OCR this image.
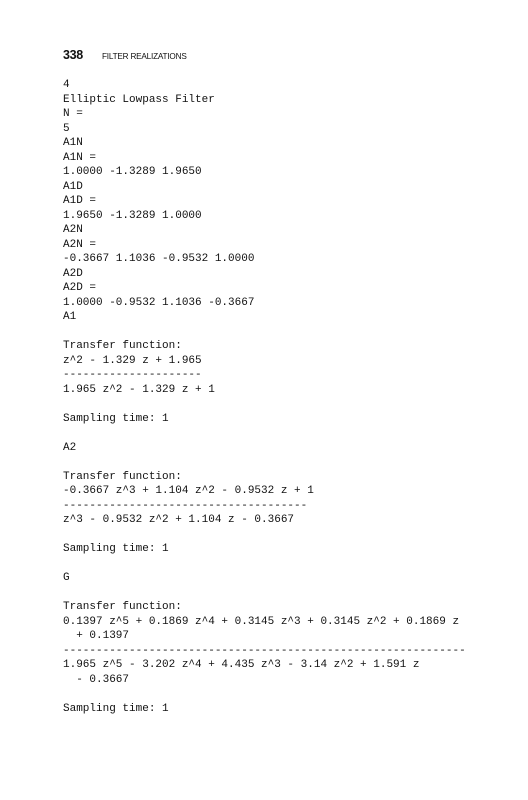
338 FILTER REALIZATIONS
4
Elliptic Lowpass Filter
N =
5
A1N
A1N =
1.0000 -1.3289 1.9650
A1D
A1D =
1.9650 -1.3289 1.0000
A2N
A2N =
-0.3667 1.1036 -0.9532 1.0000
A2D
A2D =
1.0000 -0.9532 1.1036 -0.3667
A1
Transfer function:
z^2 - 1.329 z + 1.965
---------------------
1.965 z^2 - 1.329 z + 1
Sampling time: 1
A2
Transfer function:
-0.3667 z^3 + 1.104 z^2 - 0.9532 z + 1
-------------------------------------
z^3 - 0.9532 z^2 + 1.104 z - 0.3667
Sampling time: 1
G
Transfer function:
0.1397 z^5 + 0.1869 z^4 + 0.3145 z^3 + 0.3145 z^2 + 0.1869 z
+ 0.1397
-------------------------------------------------------------
1.965 z^5 - 3.202 z^4 + 4.435 z^3 - 3.14 z^2 + 1.591 z
- 0.3667
Sampling time: 1
